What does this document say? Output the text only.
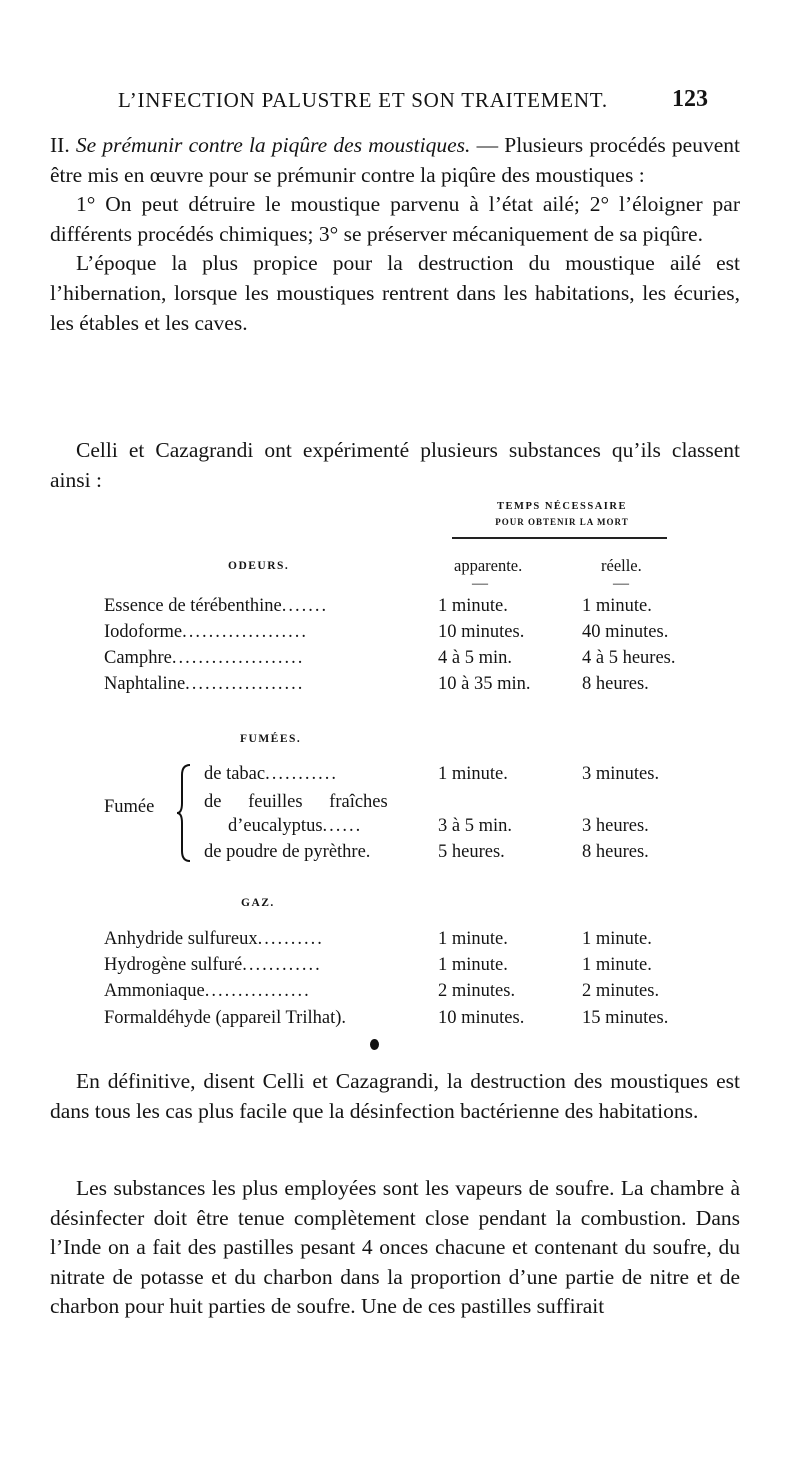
L’INFECTION PALUSTRE ET SON TRAITEMENT.	123

II. Se prémunir contre la piqûre des moustiques. — Plusieurs procédés peuvent être mis en œuvre pour se prémunir contre la piqûre des moustiques :

1° On peut détruire le moustique parvenu à l’état ailé; 2° l’éloigner par différents procédés chimiques; 3° se préserver mécaniquement de sa piqûre.

L’époque la plus propice pour la destruction du moustique ailé est l’hibernation, lorsque les moustiques rentrent dans les habitations, les écuries, les étables et les caves.

Celli et Cazagrandi ont expérimenté plusieurs substances qu’ils classent ainsi :

TEMPS NÉCESSAIRE
POUR OBTENIR LA MORT
ODEURS.	apparente.	réelle.
—	—
Essence de térébenthine.......	1 minute.	1 minute.
Iodoforme...................	10 minutes.	40 minutes.
Camphre....................	4 à 5 min.	4 à 5 heures.
Naphtaline..................	10 à 35 min.	8 heures.
FUMÉES.
Fumée
de tabac...........	1 minute.	3 minutes.
de feuilles fraîches
d’eucalyptus......	3 à 5 min.	3 heures.
de poudre de pyrèthre.	5 heures.	8 heures.
GAZ.
Anhydride sulfureux..........	1 minute.	1 minute.
Hydrogène sulfuré............	1 minute.	1 minute.
Ammoniaque................	2 minutes.	2 minutes.
Formaldéhyde (appareil Trilhat).	10 minutes.	15 minutes.

En définitive, disent Celli et Cazagrandi, la destruction des moustiques est dans tous les cas plus facile que la désinfection bactérienne des habitations.

Les substances les plus employées sont les vapeurs de soufre. La chambre à désinfecter doit être tenue complètement close pendant la combustion. Dans l’Inde on a fait des pastilles pesant 4 onces chacune et contenant du soufre, du nitrate de potasse et du charbon dans la proportion d’une partie de nitre et de charbon pour huit parties de soufre. Une de ces pastilles suffirait
